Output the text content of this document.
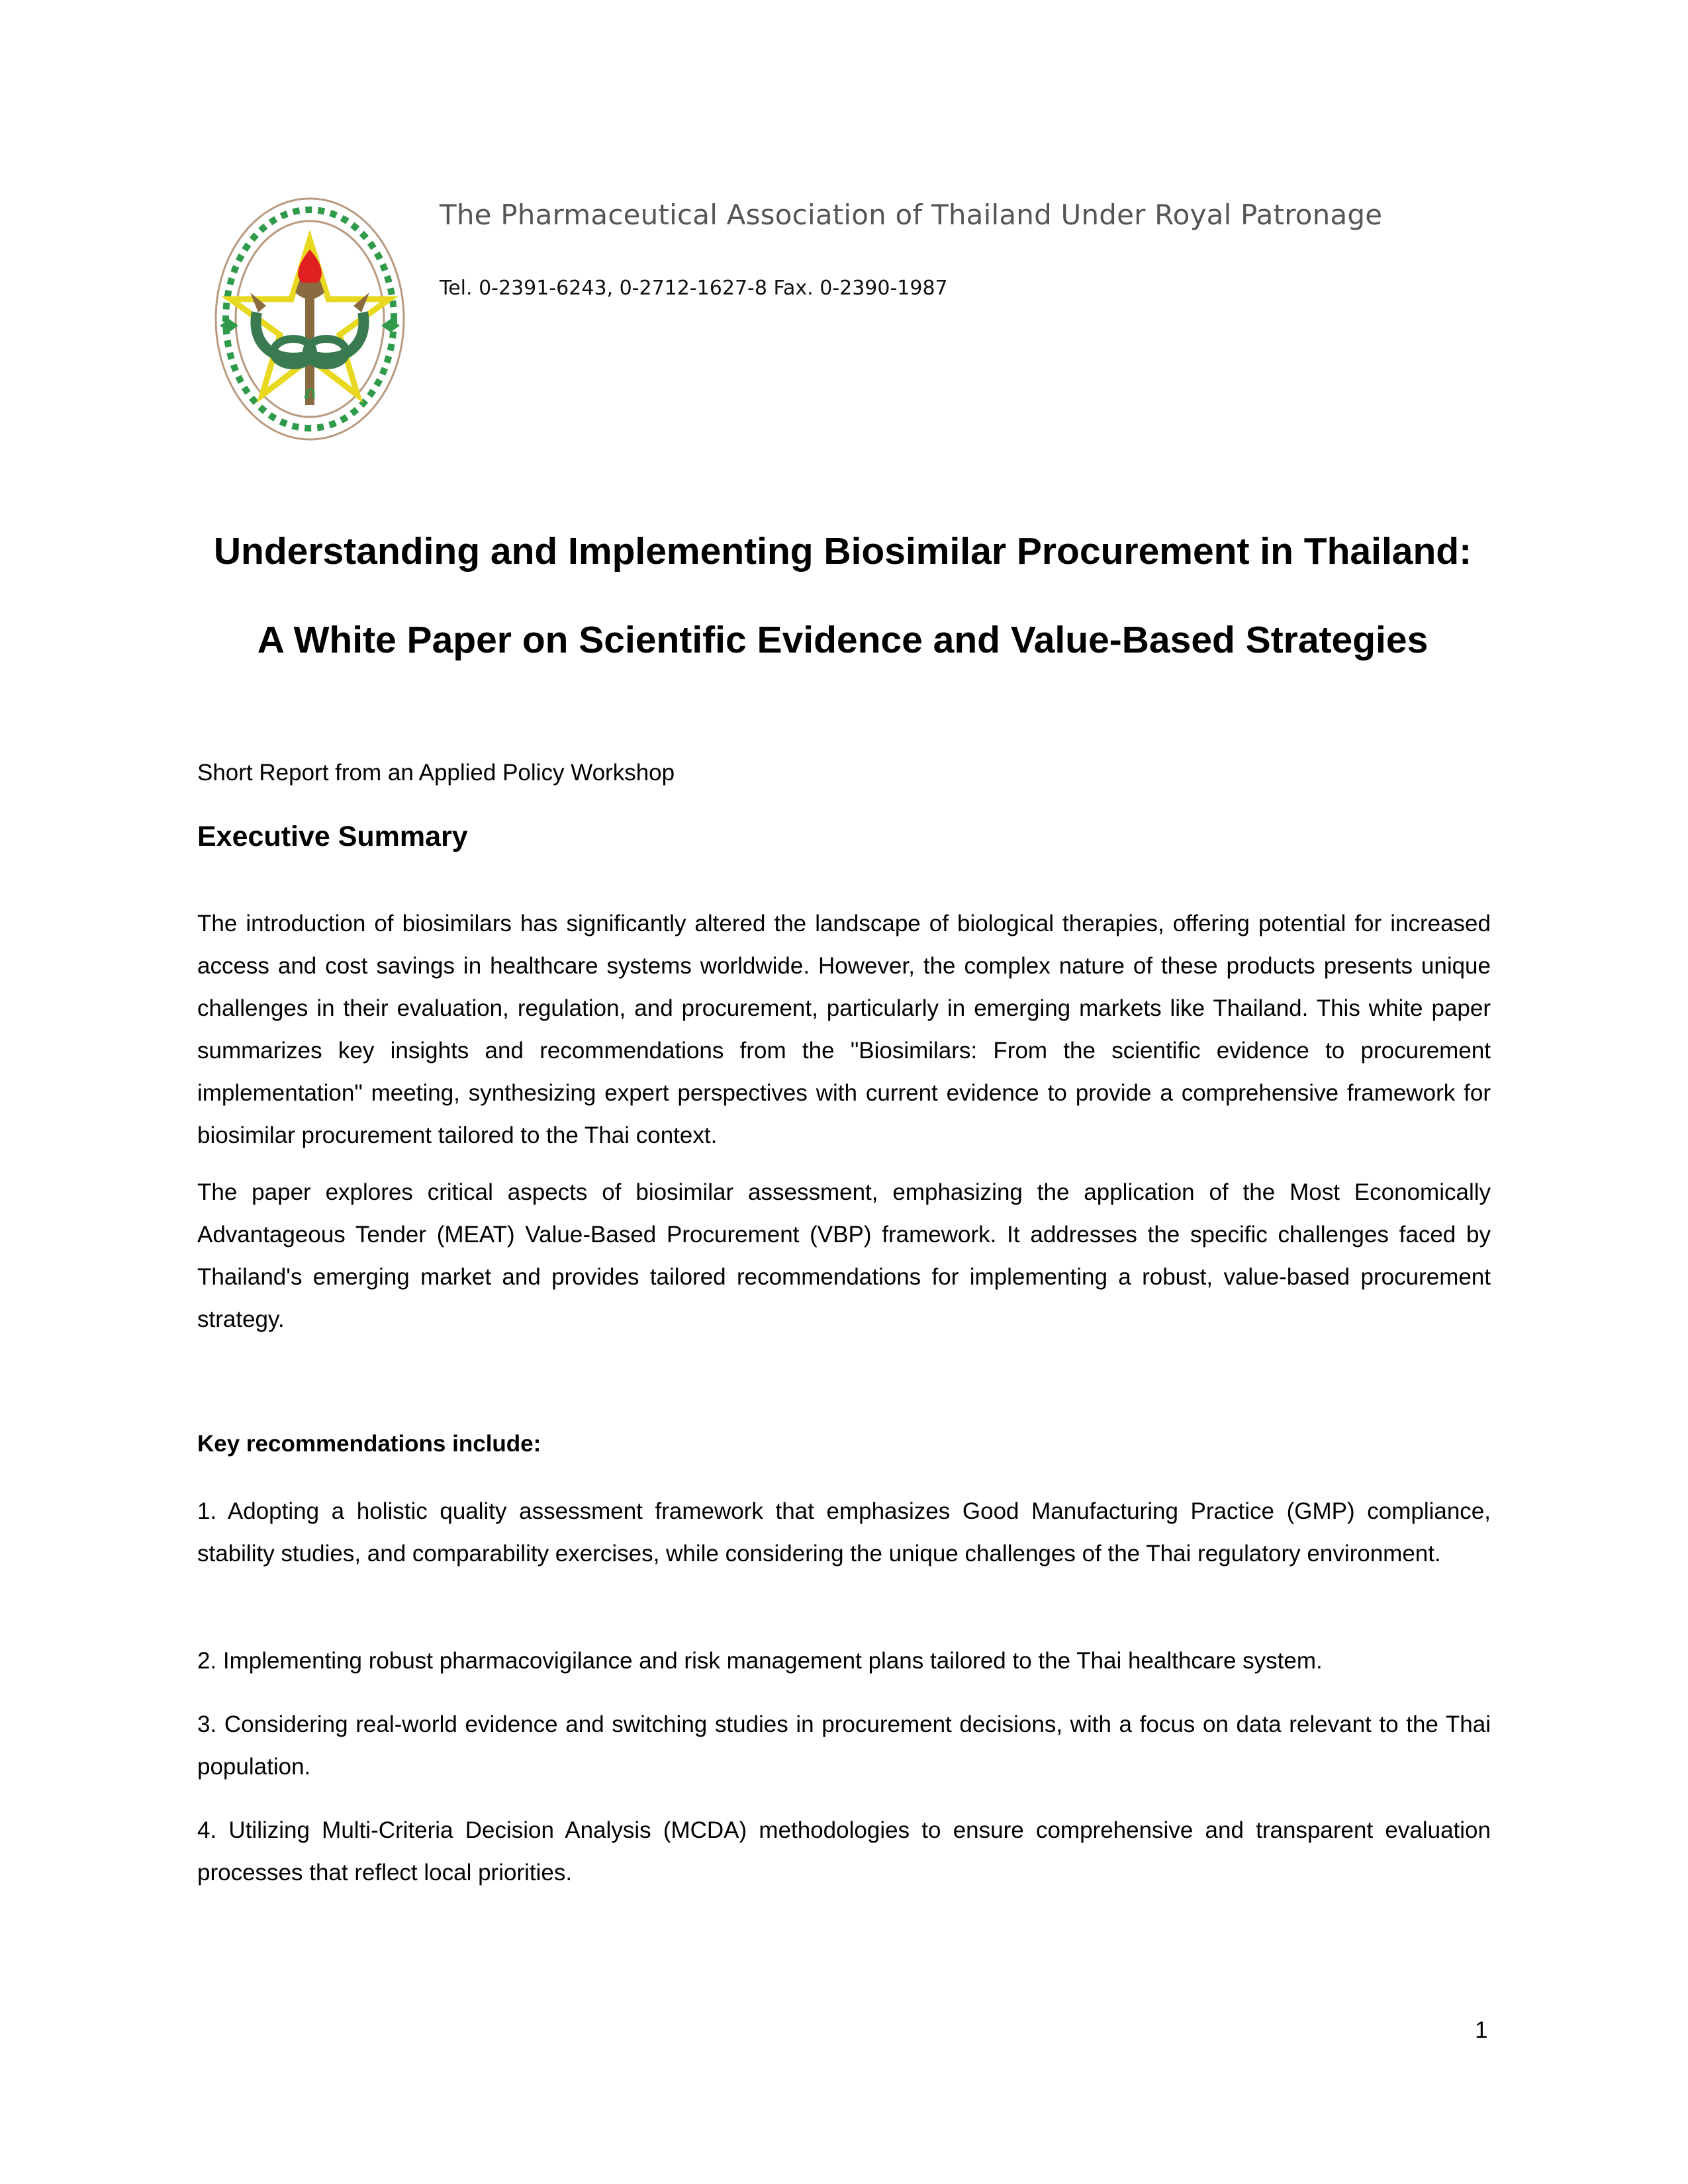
ภ
The Pharmaceutical Association of Thailand Under Royal Patronage
Tel. 0-2391-6243, 0-2712-1627-8 Fax. 0-2390-1987
Understanding and Implementing Biosimilar Procurement in Thailand:
A White Paper on Scientific Evidence and Value-Based Strategies
Short Report from an Applied Policy Workshop
Executive Summary

The introduction of biosimilars has significantly altered the landscape of biological therapies, offering potential for increased access and cost savings in healthcare systems worldwide. However, the complex nature of these products presents unique challenges in their evaluation, regulation, and procurement, particularly in emerging markets like Thailand. This white paper summarizes key insights and recommendations from the "Biosimilars: From the scientific evidence to procurement implementation" meeting, synthesizing expert perspectives with current evidence to provide a comprehensive framework for biosimilar procurement tailored to the Thai context.

The paper explores critical aspects of biosimilar assessment, emphasizing the application of the Most Economically Advantageous Tender (MEAT) Value-Based Procurement (VBP) framework. It addresses the specific challenges faced by Thailand's emerging market and provides tailored recommendations for implementing a robust, value-based procurement strategy.

Key recommendations include:

1. Adopting a holistic quality assessment framework that emphasizes Good Manufacturing Practice (GMP) compliance, stability studies, and comparability exercises, while considering the unique challenges of the Thai regulatory environment.

2. Implementing robust pharmacovigilance and risk management plans tailored to the Thai healthcare system.

3. Considering real-world evidence and switching studies in procurement decisions, with a focus on data relevant to the Thai population.

4. Utilizing Multi-Criteria Decision Analysis (MCDA) methodologies to ensure comprehensive and transparent evaluation processes that reflect local priorities.

1
